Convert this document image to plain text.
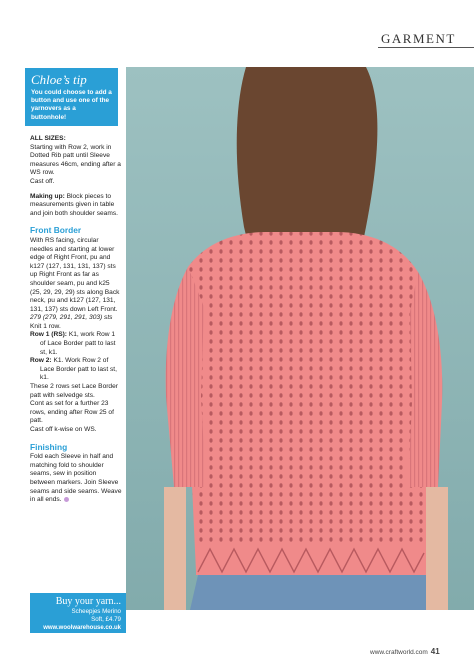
GARMENT
Chloe’s tip
You could choose to add a button and use one of the yarnovers as a buttonhole!

ALL SIZES:

Starting with Row 2, work in Dotted Rib patt until Sleeve measures 46cm, ending after a WS row.

Cast off.

Making up: Block pieces to measurements given in table and join both shoulder seams.

Front Border

With RS facing, circular needles and starting at lower edge of Right Front, pu and k127 (127, 131, 131, 137) sts up Right Front as far as shoulder seam, pu and k25 (25, 29, 29, 29) sts along Back neck, pu and k127 (127, 131, 131, 137) sts down Left Front. 279 (279, 291, 291, 303) sts

Knit 1 row.

Row 1 (RS): K1, work Row 1 of Lace Border patt to last st, k1.

Row 2: K1. Work Row 2 of Lace Border patt to last st, k1.

These 2 rows set Lace Border patt with selvedge sts.

Cont as set for a further 23 rows, ending after Row 25 of patt.

Cast off k-wise on WS.

Finishing

Fold each Sleeve in half and matching fold to shoulder seams, sew in position between markers. Join Sleeve seams and side seams. Weave in all ends.

Buy your yarn...
Scheepjes Merino
Soft, £4.79
www.woolwarehouse.co.uk
www.craftworld.com 41
